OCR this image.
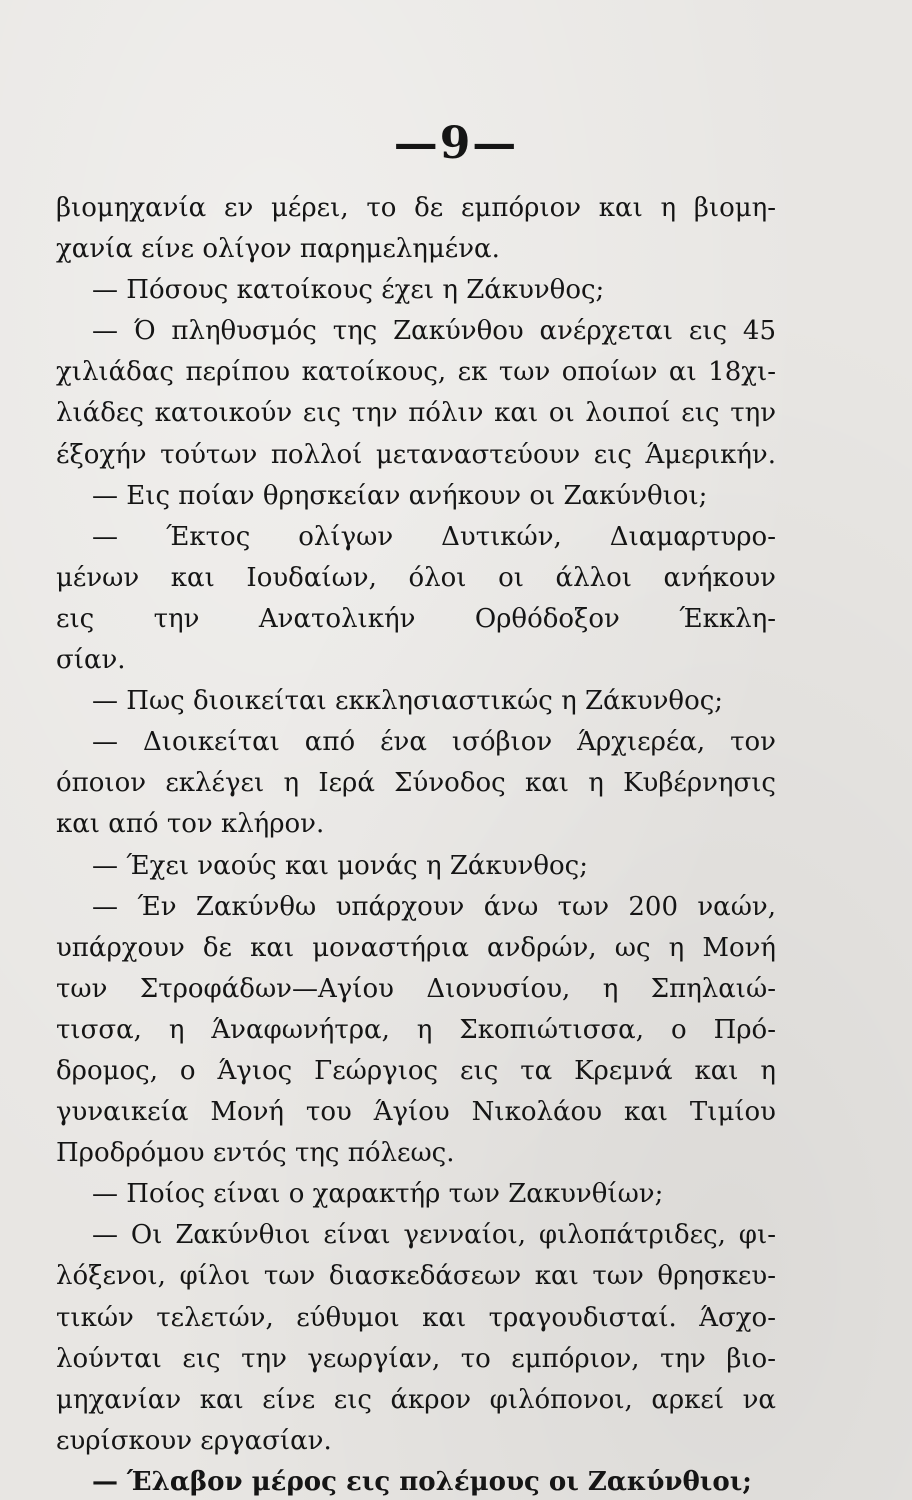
—9—
βιομηχανία εν μέρει, το δε εμπόριον και η βιομη-
χανία είνε ολίγον παρημελημένα.
— Πόσους κατοίκους έχει η Ζάκυνθος;
— Ό πληθυσμός της Ζακύνθου ανέρχεται εις 45
χιλιάδας περίπου κατοίκους, εκ των οποίων αι 18χι-
λιάδες κατοικούν εις την πόλιν και οι λοιποί εις την
έξοχήν τούτων πολλοί μεταναστεύουν εις Άμερικήν.
— Εις ποίαν θρησκείαν ανήκουν οι Ζακύνθιοι;
— Έκτος ολίγων Δυτικών, Διαμαρτυρο-
μένων και Ιουδαίων, όλοι οι άλλοι ανήκουν
εις την Ανατολικήν Ορθόδοξον Έκκλη-
σίαν.
— Πως διοικείται εκκλησιαστικώς η Ζάκυνθος;
— Διοικείται από ένα ισόβιον Άρχιερέα, τον
όποιον εκλέγει η Ιερά Σύνοδος και η Κυβέρνησις
και από τον κλήρον.
— Έχει ναούς και μονάς η Ζάκυνθος;
— Έν Ζακύνθω υπάρχουν άνω των 200 ναών,
υπάρχουν δε και μοναστήρια ανδρών, ως η Μονή
των Στροφάδων—Αγίου Διονυσίου, η Σπηλαιώ-
τισσα, η Άναφωνήτρα, η Σκοπιώτισσα, ο Πρό-
δρομος, ο Άγιος Γεώργιος εις τα Κρεμνά και η
γυναικεία Μονή του Άγίου Νικολάου και Τιμίου
Προδρόμου εντός της πόλεως.
— Ποίος είναι ο χαρακτήρ των Ζακυνθίων;
— Οι Ζακύνθιοι είναι γενναίοι, φιλοπάτριδες, φι-
λόξενοι, φίλοι των διασκεδάσεων και των θρησκευ-
τικών τελετών, εύθυμοι και τραγουδισταί. Άσχο-
λούνται εις την γεωργίαν, το εμπόριον, την βιο-
μηχανίαν και είνε εις άκρον φιλόπονοι, αρκεί να
ευρίσκουν εργασίαν.
— Έλαβον μέρος εις πολέμους οι Ζακύνθιοι;
